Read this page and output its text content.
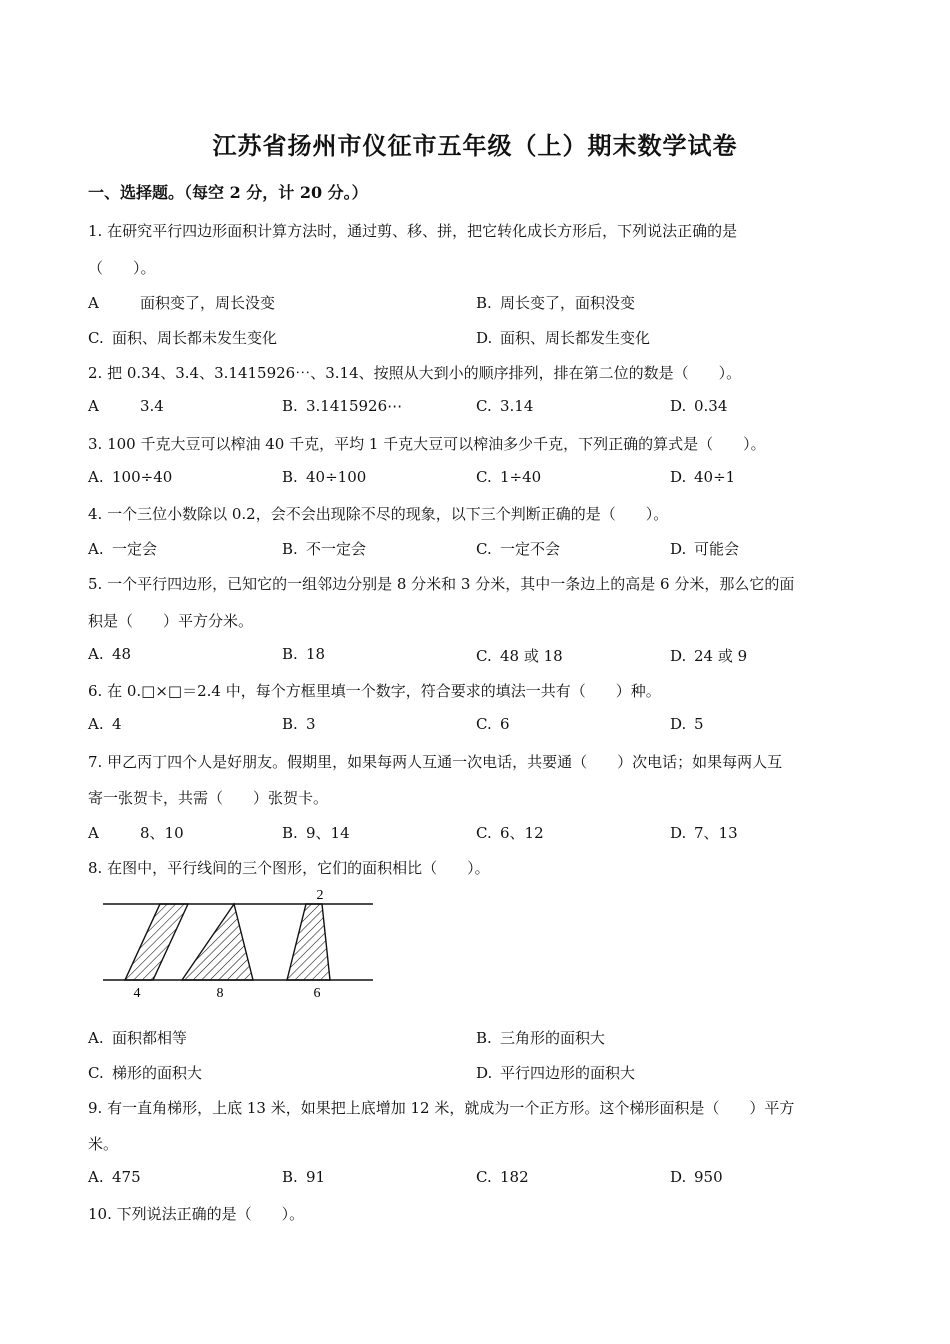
江苏省扬州市仪征市五年级（上）期末数学试卷
一、选择题。（每空 2 分，计 20 分。）
1. 在研究平行四边形面积计算方法时，通过剪、移、拼，把它转化成长方形后，下列说法正确的是
（　　）。
A	面积变了，周长没变	B. 周长变了，面积没变
C. 面积、周长都未发生变化	D. 面积、周长都发生变化
2. 把 0.34、3.4、3.1415926⋯、3.14、按照从大到小的顺序排列，排在第二位的数是（　　）。
A	3.4	B. 3.1415926⋯	C. 3.14	D. 0.34
3. 100 千克大豆可以榨油 40 千克，平均 1 千克大豆可以榨油多少千克，下列正确的算式是（　　）。
A. 100÷40	B. 40÷100	C. 1÷40	D. 40÷1
4. 一个三位小数除以 0.2，会不会出现除不尽的现象，以下三个判断正确的是（　　）。
A. 一定会	B. 不一定会	C. 一定不会	D. 可能会
5. 一个平行四边形，已知它的一组邻边分别是 8 分米和 3 分米，其中一条边上的高是 6 分米，那么它的面
积是（　　）平方分米。
A. 48	B. 18	C. 48 或 18	D. 24 或 9
6. 在 0.□×□＝2.4 中，每个方框里填一个数字，符合要求的填法一共有（　　）种。
A. 4	B. 3	C. 6	D. 5
7. 甲乙丙丁四个人是好朋友。假期里，如果每两人互通一次电话，共要通（　　）次电话；如果每两人互
寄一张贺卡，共需（　　）张贺卡。
A	8、10	B. 9、14	C. 6、12	D. 7、13
8. 在图中，平行线间的三个图形，它们的面积相比（　　）。
2
4	8	6
A. 面积都相等	B. 三角形的面积大
C. 梯形的面积大	D. 平行四边形的面积大
9. 有一直角梯形，上底 13 米，如果把上底增加 12 米，就成为一个正方形。这个梯形面积是（　　）平方
米。
A. 475	B. 91	C. 182	D. 950
10. 下列说法正确的是（　　）。
